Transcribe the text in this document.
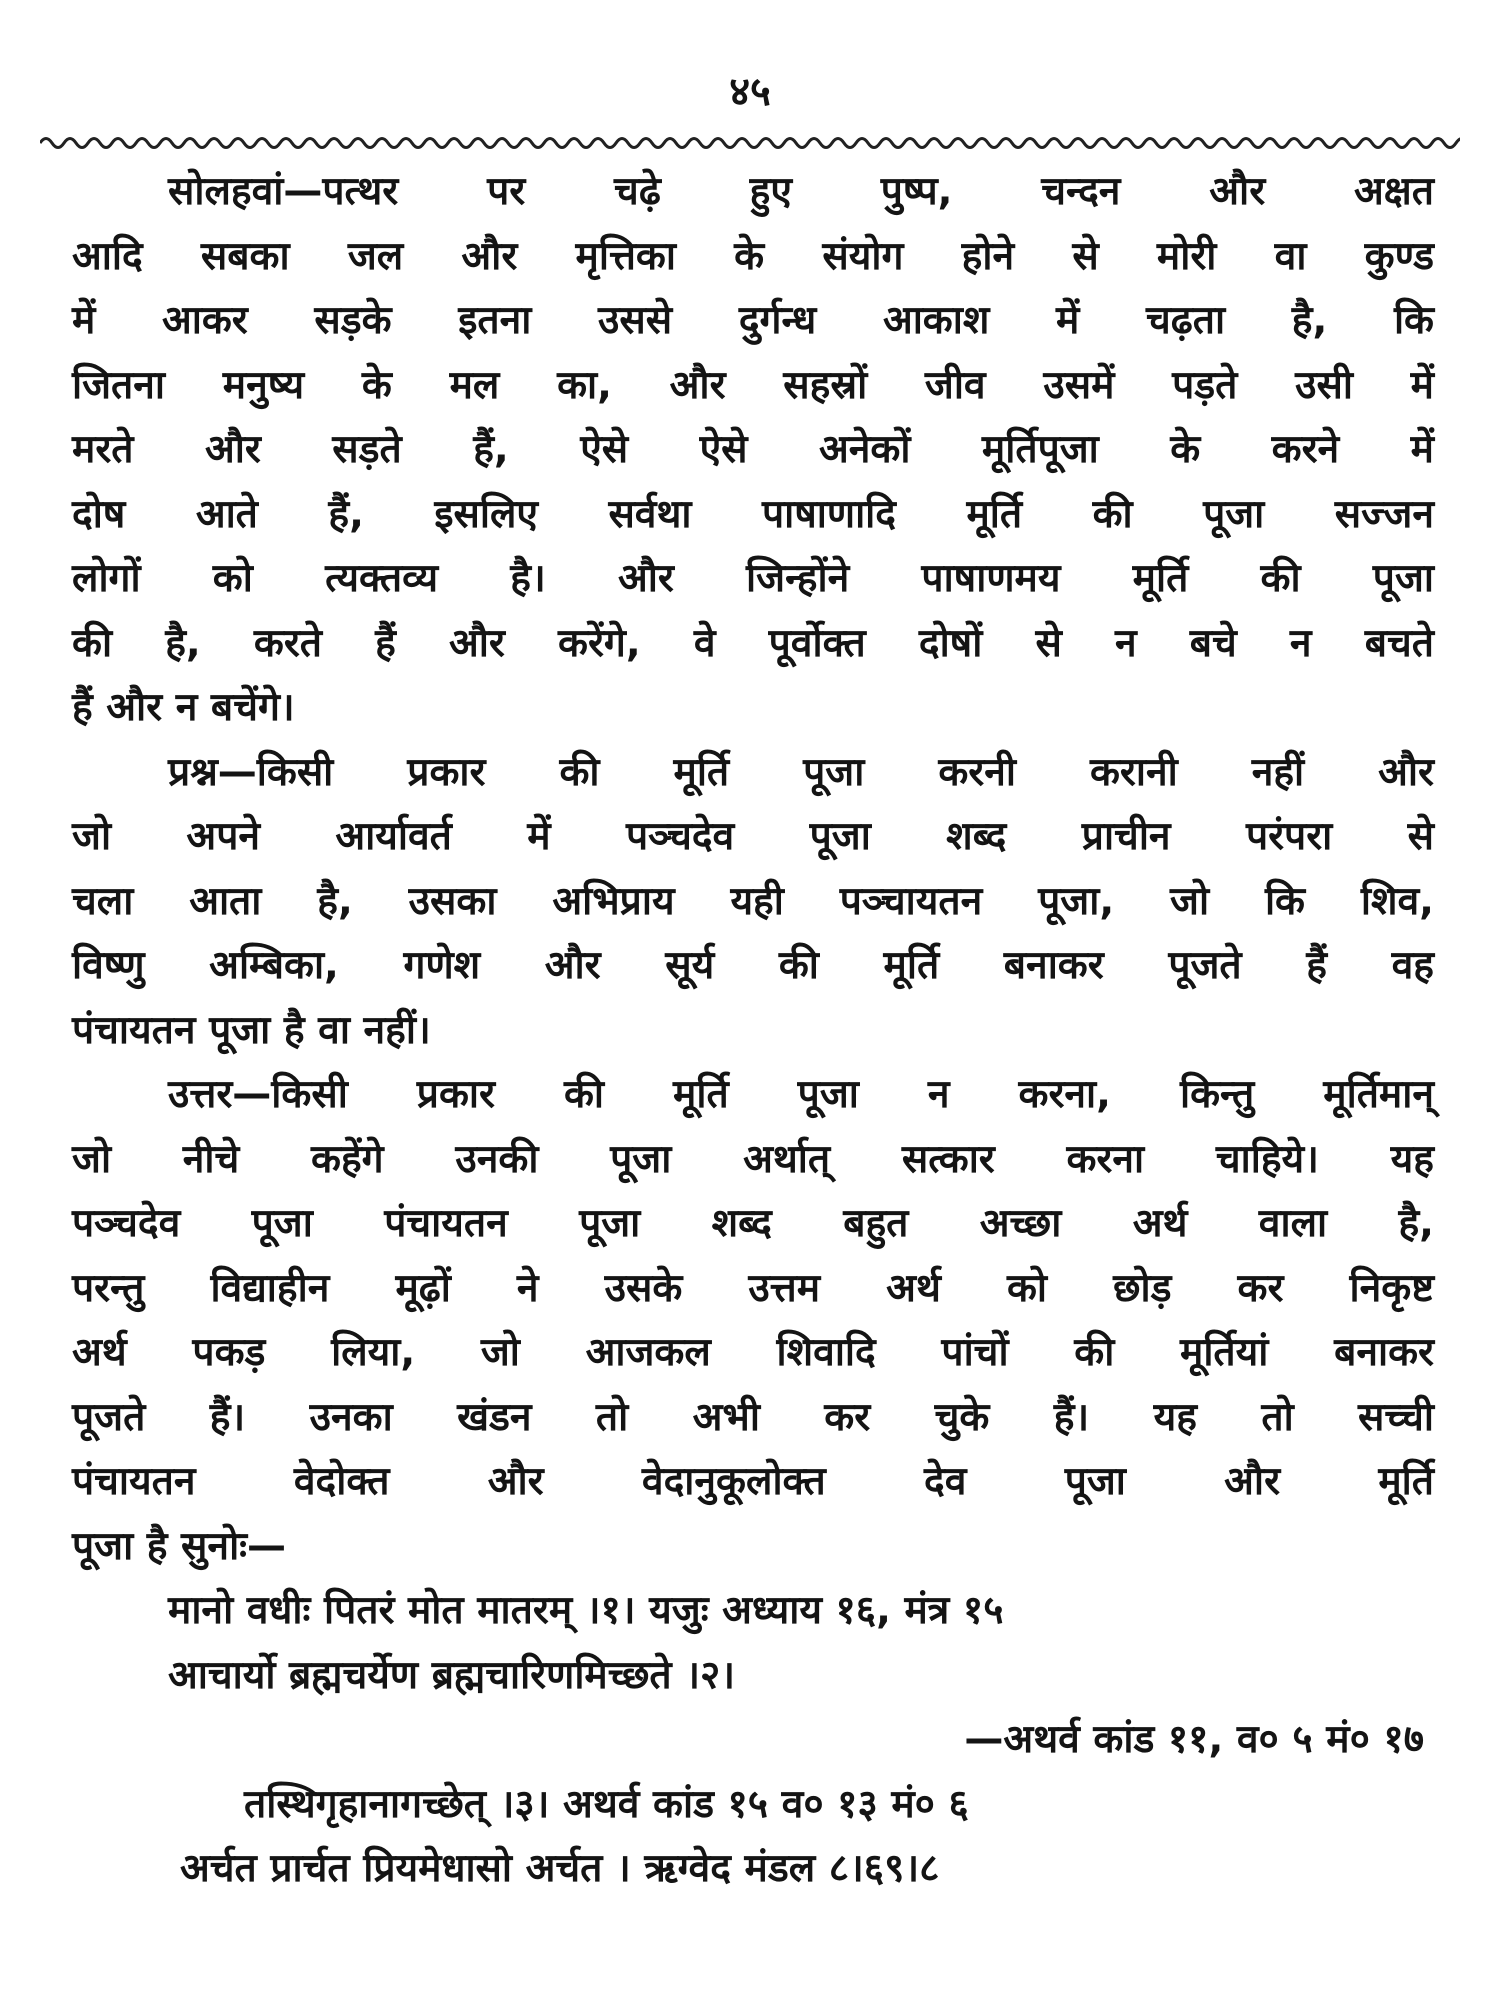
४५
सोलहवां—पत्थर पर चढ़े हुए पुष्प, चन्दन और अक्षत
आदि सबका जल और मृत्तिका के संयोग होने से मोरी वा कुण्ड
में आकर सड़के इतना उससे दुर्गन्ध आकाश में चढ़ता है, कि
जितना मनुष्य के मल का, और सहस्रों जीव उसमें पड़ते उसी में
मरते और सड़ते हैं, ऐसे ऐसे अनेकों मूर्तिपूजा के करने में
दोष आते हैं, इसलिए सर्वथा पाषाणादि मूर्ति की पूजा सज्जन
लोगों को त्यक्तव्य है। और जिन्होंने पाषाणमय मूर्ति की पूजा
की है, करते हैं और करेंगे, वे पूर्वोक्त दोषों से न बचे न बचते
हैं और न बचेंगे।
प्रश्न—किसी प्रकार की मूर्ति पूजा करनी करानी नहीं और
जो अपने आर्यावर्त में पञ्चदेव पूजा शब्द प्राचीन परंपरा से
चला आता है, उसका अभिप्राय यही पञ्चायतन पूजा, जो कि शिव,
विष्णु अम्बिका, गणेश और सूर्य की मूर्ति बनाकर पूजते हैं वह
पंचायतन पूजा है वा नहीं।
उत्तर—किसी प्रकार की मूर्ति पूजा न करना, किन्तु मूर्तिमान्
जो नीचे कहेंगे उनकी पूजा अर्थात् सत्कार करना चाहिये। यह
पञ्चदेव पूजा पंचायतन पूजा शब्द बहुत अच्छा अर्थ वाला है,
परन्तु विद्याहीन मूढ़ों ने उसके उत्तम अर्थ को छोड़ कर निकृष्ट
अर्थ पकड़ लिया, जो आजकल शिवादि पांचों की मूर्तियां बनाकर
पूजते हैं। उनका खंडन तो अभी कर चुके हैं। यह तो सच्ची
पंचायतन वेदोक्त और वेदानुकूलोक्त देव पूजा और मूर्ति
पूजा है सुनोः—
मानो वधीः पितरं मोत मातरम् ।१। यजुः अध्याय १६, मंत्र १५
आचार्यो ब्रह्मचर्येण ब्रह्मचारिणमिच्छते ।२।
—अथर्व कांड ११, व० ५ मं० १७
तस्थिगृहानागच्छेत् ।३। अथर्व कांड १५ व० १३ मं० ६
अर्चत प्रार्चत प्रियमेधासो अर्चत । ऋग्वेद मंडल ८।६९।८
